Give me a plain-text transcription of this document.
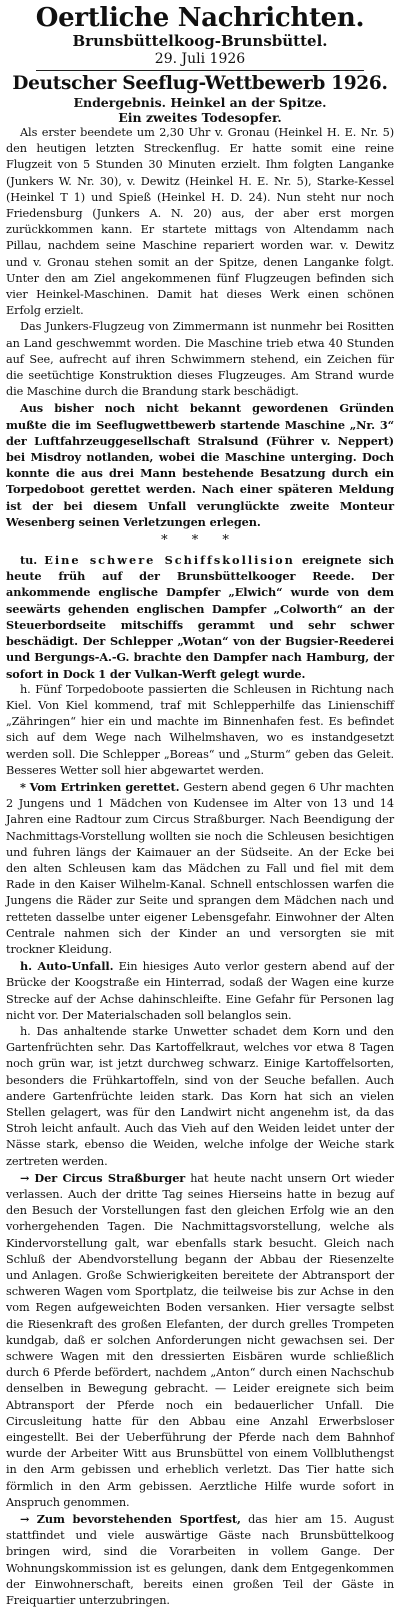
Oertliche Nachrichten.
Brunsbüttelkoog-Brunsbüttel.
29. Juli 1926
Deutscher Seeflug-Wettbewerb 1926.
Endergebnis. Heinkel an der Spitze.
Ein zweites Todesopfer.

Als erster beendete um 2,30 Uhr v. Gronau (Heinkel H. E. Nr. 5) den heutigen letzten Streckenflug. Er hatte somit eine reine Flugzeit von 5 Stunden 30 Minuten erzielt. Ihm folgten Langanke (Junkers W. Nr. 30), v. Dewitz (Heinkel H. E. Nr. 5), Starke-Kessel (Heinkel T 1) und Spieß (Heinkel H. D. 24). Nun steht nur noch Friedensburg (Junkers A. N. 20) aus, der aber erst morgen zurückkommen kann. Er startete mittags von Altendamm nach Pillau, nachdem seine Maschine repariert worden war. v. Dewitz und v. Gronau stehen somit an der Spitze, denen Langanke folgt. Unter den am Ziel angekommenen fünf Flugzeugen befinden sich vier Heinkel-Maschinen. Damit hat dieses Werk einen schönen Erfolg erzielt.

Das Junkers-Flugzeug von Zimmermann ist nunmehr bei Rositten an Land geschwemmt worden. Die Maschine trieb etwa 40 Stunden auf See, aufrecht auf ihren Schwimmern stehend, ein Zeichen für die seetüchtige Konstruktion dieses Flugzeuges. Am Strand wurde die Maschine durch die Brandung stark beschädigt.

Aus bisher noch nicht bekannt gewordenen Gründen mußte die im Seeflugwettbewerb startende Maschine „Nr. 3“ der Luftfahrzeuggesellschaft Stralsund (Führer v. Neppert) bei Misdroy notlanden, wobei die Maschine unterging. Doch konnte die aus drei Mann bestehende Besatzung durch ein Torpedoboot gerettet werden. Nach einer späteren Meldung ist der bei diesem Unfall verunglückte zweite Monteur Wesenberg seinen Verletzungen erlegen.

* * *

tu. Eine schwere Schiffskollision ereignete sich heute früh auf der Brunsbüttelkooger Reede. Der ankommende englische Dampfer „Elwich“ wurde von dem seewärts gehenden englischen Dampfer „Colworth“ an der Steuerbordseite mitschiffs gerammt und sehr schwer beschädigt. Der Schlepper „Wotan“ von der Bugsier-Reederei und Bergungs-A.-G. brachte den Dampfer nach Hamburg, der sofort in Dock 1 der Vulkan-Werft gelegt wurde.

h. Fünf Torpedoboote passierten die Schleusen in Richtung nach Kiel. Von Kiel kommend, traf mit Schlepperhilfe das Linienschiff „Zähringen“ hier ein und machte im Binnenhafen fest. Es befindet sich auf dem Wege nach Wilhelmshaven, wo es instandgesetzt werden soll. Die Schlepper „Boreas“ und „Sturm“ geben das Geleit. Besseres Wetter soll hier abgewartet werden.

* Vom Ertrinken gerettet. Gestern abend gegen 6 Uhr machten 2 Jungens und 1 Mädchen von Kudensee im Alter von 13 und 14 Jahren eine Radtour zum Circus Straßburger. Nach Beendigung der Nachmittags-Vorstellung wollten sie noch die Schleusen besichtigen und fuhren längs der Kaimauer an der Südseite. An der Ecke bei den alten Schleusen kam das Mädchen zu Fall und fiel mit dem Rade in den Kaiser Wilhelm-Kanal. Schnell entschlossen warfen die Jungens die Räder zur Seite und sprangen dem Mädchen nach und retteten dasselbe unter eigener Lebensgefahr. Einwohner der Alten Centrale nahmen sich der Kinder an und versorgten sie mit trockner Kleidung.

h. Auto-Unfall. Ein hiesiges Auto verlor gestern abend auf der Brücke der Koogstraße ein Hinterrad, sodaß der Wagen eine kurze Strecke auf der Achse dahinschleifte. Eine Gefahr für Personen lag nicht vor. Der Materialschaden soll belanglos sein.

h. Das anhaltende starke Unwetter schadet dem Korn und den Gartenfrüchten sehr. Das Kartoffelkraut, welches vor etwa 8 Tagen noch grün war, ist jetzt durchweg schwarz. Einige Kartoffelsorten, besonders die Frühkartoffeln, sind von der Seuche befallen. Auch andere Gartenfrüchte leiden stark. Das Korn hat sich an vielen Stellen gelagert, was für den Landwirt nicht angenehm ist, da das Stroh leicht anfault. Auch das Vieh auf den Weiden leidet unter der Nässe stark, ebenso die Weiden, welche infolge der Weiche stark zertreten werden.

→ Der Circus Straßburger hat heute nacht unsern Ort wieder verlassen. Auch der dritte Tag seines Hierseins hatte in bezug auf den Besuch der Vorstellungen fast den gleichen Erfolg wie an den vorhergehenden Tagen. Die Nachmittagsvorstellung, welche als Kindervorstellung galt, war ebenfalls stark besucht. Gleich nach Schluß der Abendvorstellung begann der Abbau der Riesenzelte und Anlagen. Große Schwierigkeiten bereitete der Abtransport der schweren Wagen vom Sportplatz, die teilweise bis zur Achse in den vom Regen aufgeweichten Boden versanken. Hier versagte selbst die Riesenkraft des großen Elefanten, der durch grelles Trompeten kundgab, daß er solchen Anforderungen nicht gewachsen sei. Der schwere Wagen mit den dressierten Eisbären wurde schließlich durch 6 Pferde befördert, nachdem „Anton“ durch einen Nachschub denselben in Bewegung gebracht. — Leider ereignete sich beim Abtransport der Pferde noch ein bedauerlicher Unfall. Die Circusleitung hatte für den Abbau eine Anzahl Erwerbsloser eingestellt. Bei der Ueberführung der Pferde nach dem Bahnhof wurde der Arbeiter Witt aus Brunsbüttel von einem Vollbluthengst in den Arm gebissen und erheblich verletzt. Das Tier hatte sich förmlich in den Arm gebissen. Aerztliche Hilfe wurde sofort in Anspruch genommen.

→ Zum bevorstehenden Sportfest, das hier am 15. August stattfindet und viele auswärtige Gäste nach Brunsbüttelkoog bringen wird, sind die Vorarbeiten in vollem Gange. Der Wohnungskommission ist es gelungen, dank dem Entgegenkommen der Einwohnerschaft, bereits einen großen Teil der Gäste in Freiquartier unterzubringen.
